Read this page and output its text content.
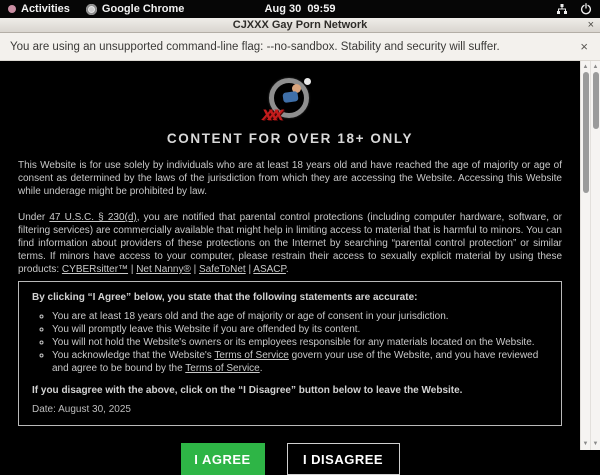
Activities	Google Chrome	Aug 30  09:59
CJXXX Gay Porn Network	×
You are using an unsupported command-line flag: --no-sandbox. Stability and security will suffer.	×
xxx
CONTENT FOR OVER 18+ ONLY

This Website is for use solely by individuals who are at least 18 years old and have reached the age of majority or age of consent as determined by the laws of the jurisdiction from which they are accessing the Website. Accessing this Website while underage might be prohibited by law.

Under 47 U.S.C. § 230(d), you are notified that parental control protections (including computer hardware, software, or filtering services) are commercially available that might help in limiting access to material that is harmful to minors. You can find information about providers of these protections on the Internet by searching “parental control protection” or similar terms. If minors have access to your computer, please restrain their access to sexually explicit material by using these products: CYBERsitter™ | Net Nanny® | SafeToNet | ASACP.

By clicking “I Agree” below, you state that the following statements are accurate:
◦ You are at least 18 years old and the age of majority or age of consent in your jurisdiction.
◦ You will promptly leave this Website if you are offended by its content.
◦ You will not hold the Website's owners or its employees responsible for any materials located on the Website.
◦ You acknowledge that the Website's Terms of Service govern your use of the Website, and you have reviewed and agree to be bound by the Terms of Service.
If you disagree with the above, click on the “I Disagree” button below to leave the Website.
Date: August 30, 2025
I AGREE	I DISAGREE
▲
▼
▲
▼
